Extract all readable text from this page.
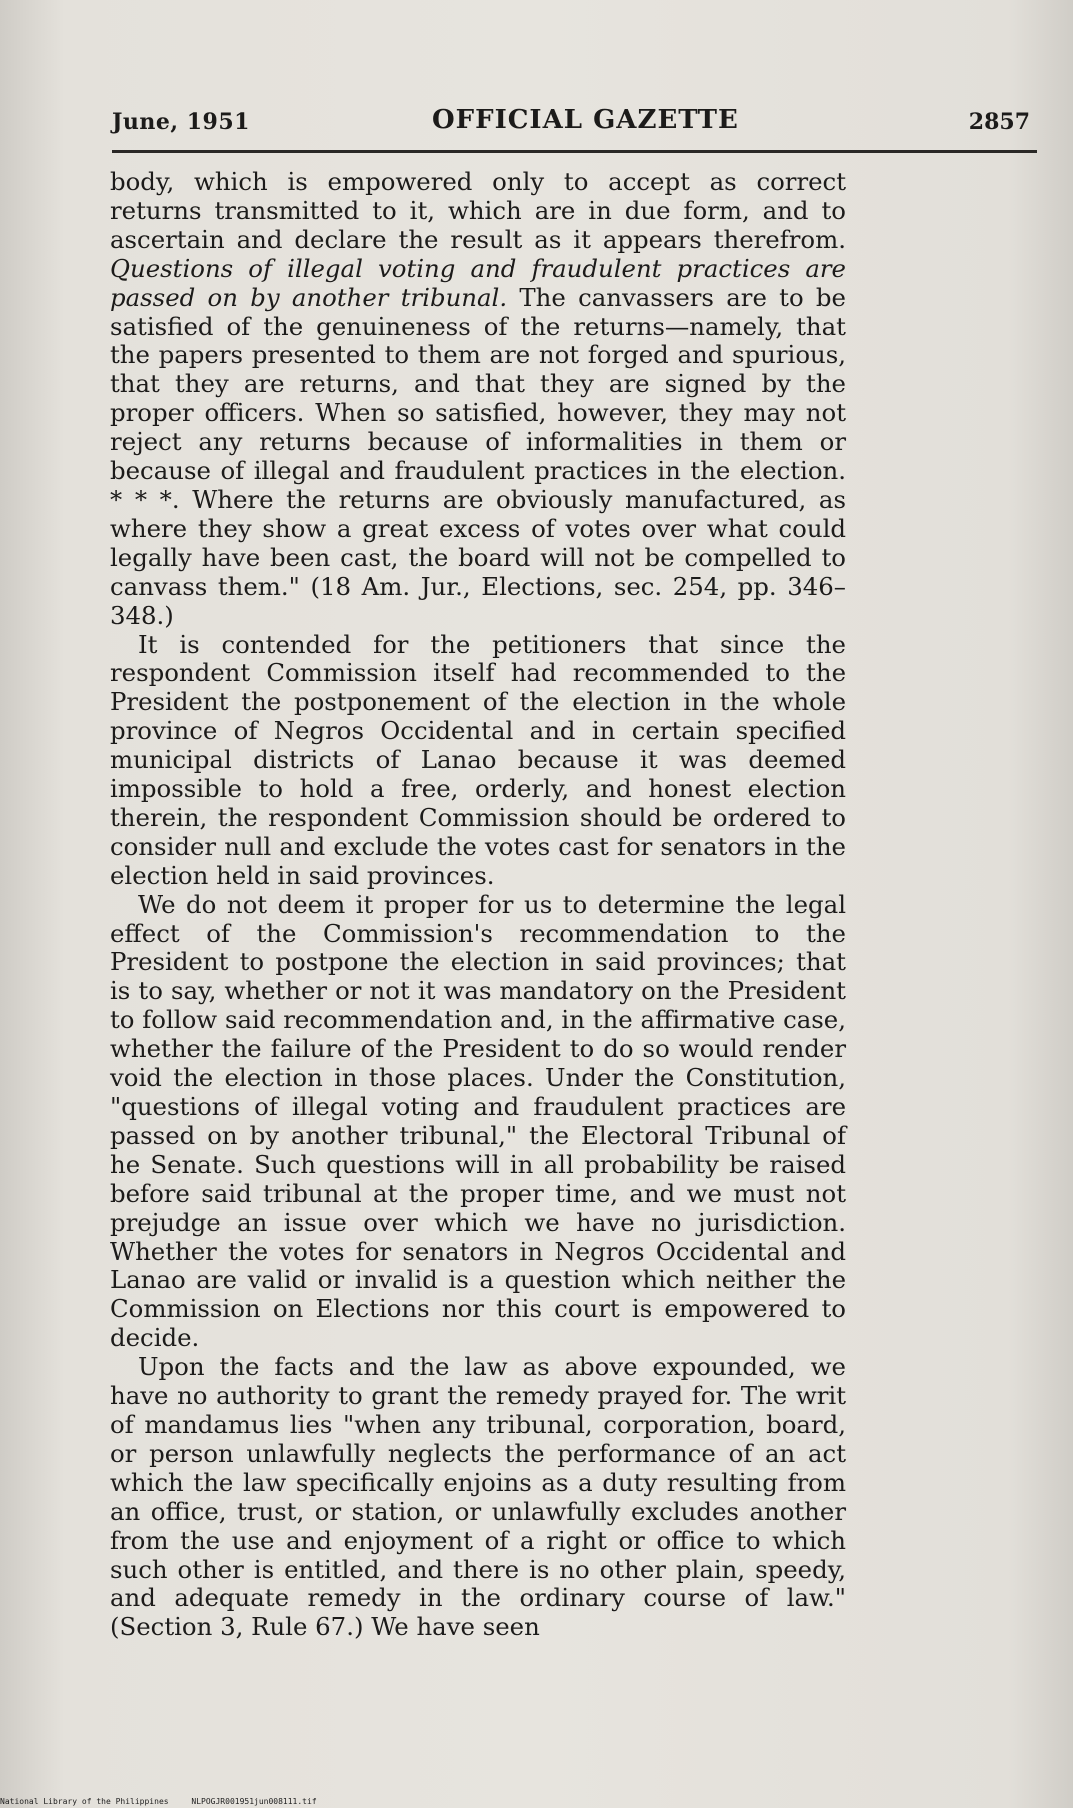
June, 1951	OFFICIAL GAZETTE	2857

body, which is empowered only to accept as correct returns transmitted to it, which are in due form, and to ascertain and declare the result as it appears therefrom. Questions of illegal voting and fraudulent practices are passed on by another tribunal. The canvassers are to be satisfied of the genuineness of the returns—namely, that the papers presented to them are not forged and spurious, that they are returns, and that they are signed by the proper officers. When so satisfied, however, they may not reject any returns because of informalities in them or because of illegal and fraudulent practices in the election. * * *. Where the returns are obviously manufactured, as where they show a great excess of votes over what could legally have been cast, the board will not be compelled to canvass them." (18 Am. Jur., Elections, sec. 254, pp. 346–348.)

It is contended for the petitioners that since the respondent Commission itself had recommended to the President the postponement of the election in the whole province of Negros Occidental and in certain specified municipal districts of Lanao because it was deemed impossible to hold a free, orderly, and honest election therein, the respondent Commission should be ordered to consider null and exclude the votes cast for senators in the election held in said provinces.

We do not deem it proper for us to determine the legal effect of the Commission's recommendation to the President to postpone the election in said provinces; that is to say, whether or not it was mandatory on the President to follow said recommendation and, in the affirmative case, whether the failure of the President to do so would render void the election in those places. Under the Constitution, "questions of illegal voting and fraudulent practices are passed on by another tribunal," the Electoral Tribunal of he Senate. Such questions will in all probability be raised before said tribunal at the proper time, and we must not prejudge an issue over which we have no jurisdiction. Whether the votes for senators in Negros Occidental and Lanao are valid or invalid is a question which neither the Commission on Elections nor this court is empowered to decide.

Upon the facts and the law as above expounded, we have no authority to grant the remedy prayed for. The writ of mandamus lies "when any tribunal, corporation, board, or person unlawfully neglects the performance of an act which the law specifically enjoins as a duty resulting from an office, trust, or station, or unlawfully excludes another from the use and enjoyment of a right or office to which such other is entitled, and there is no other plain, speedy, and adequate remedy in the ordinary course of law." (Section 3, Rule 67.) We have seen

National Library of the Philippines	NLPOGJR001951jun008111.tif
